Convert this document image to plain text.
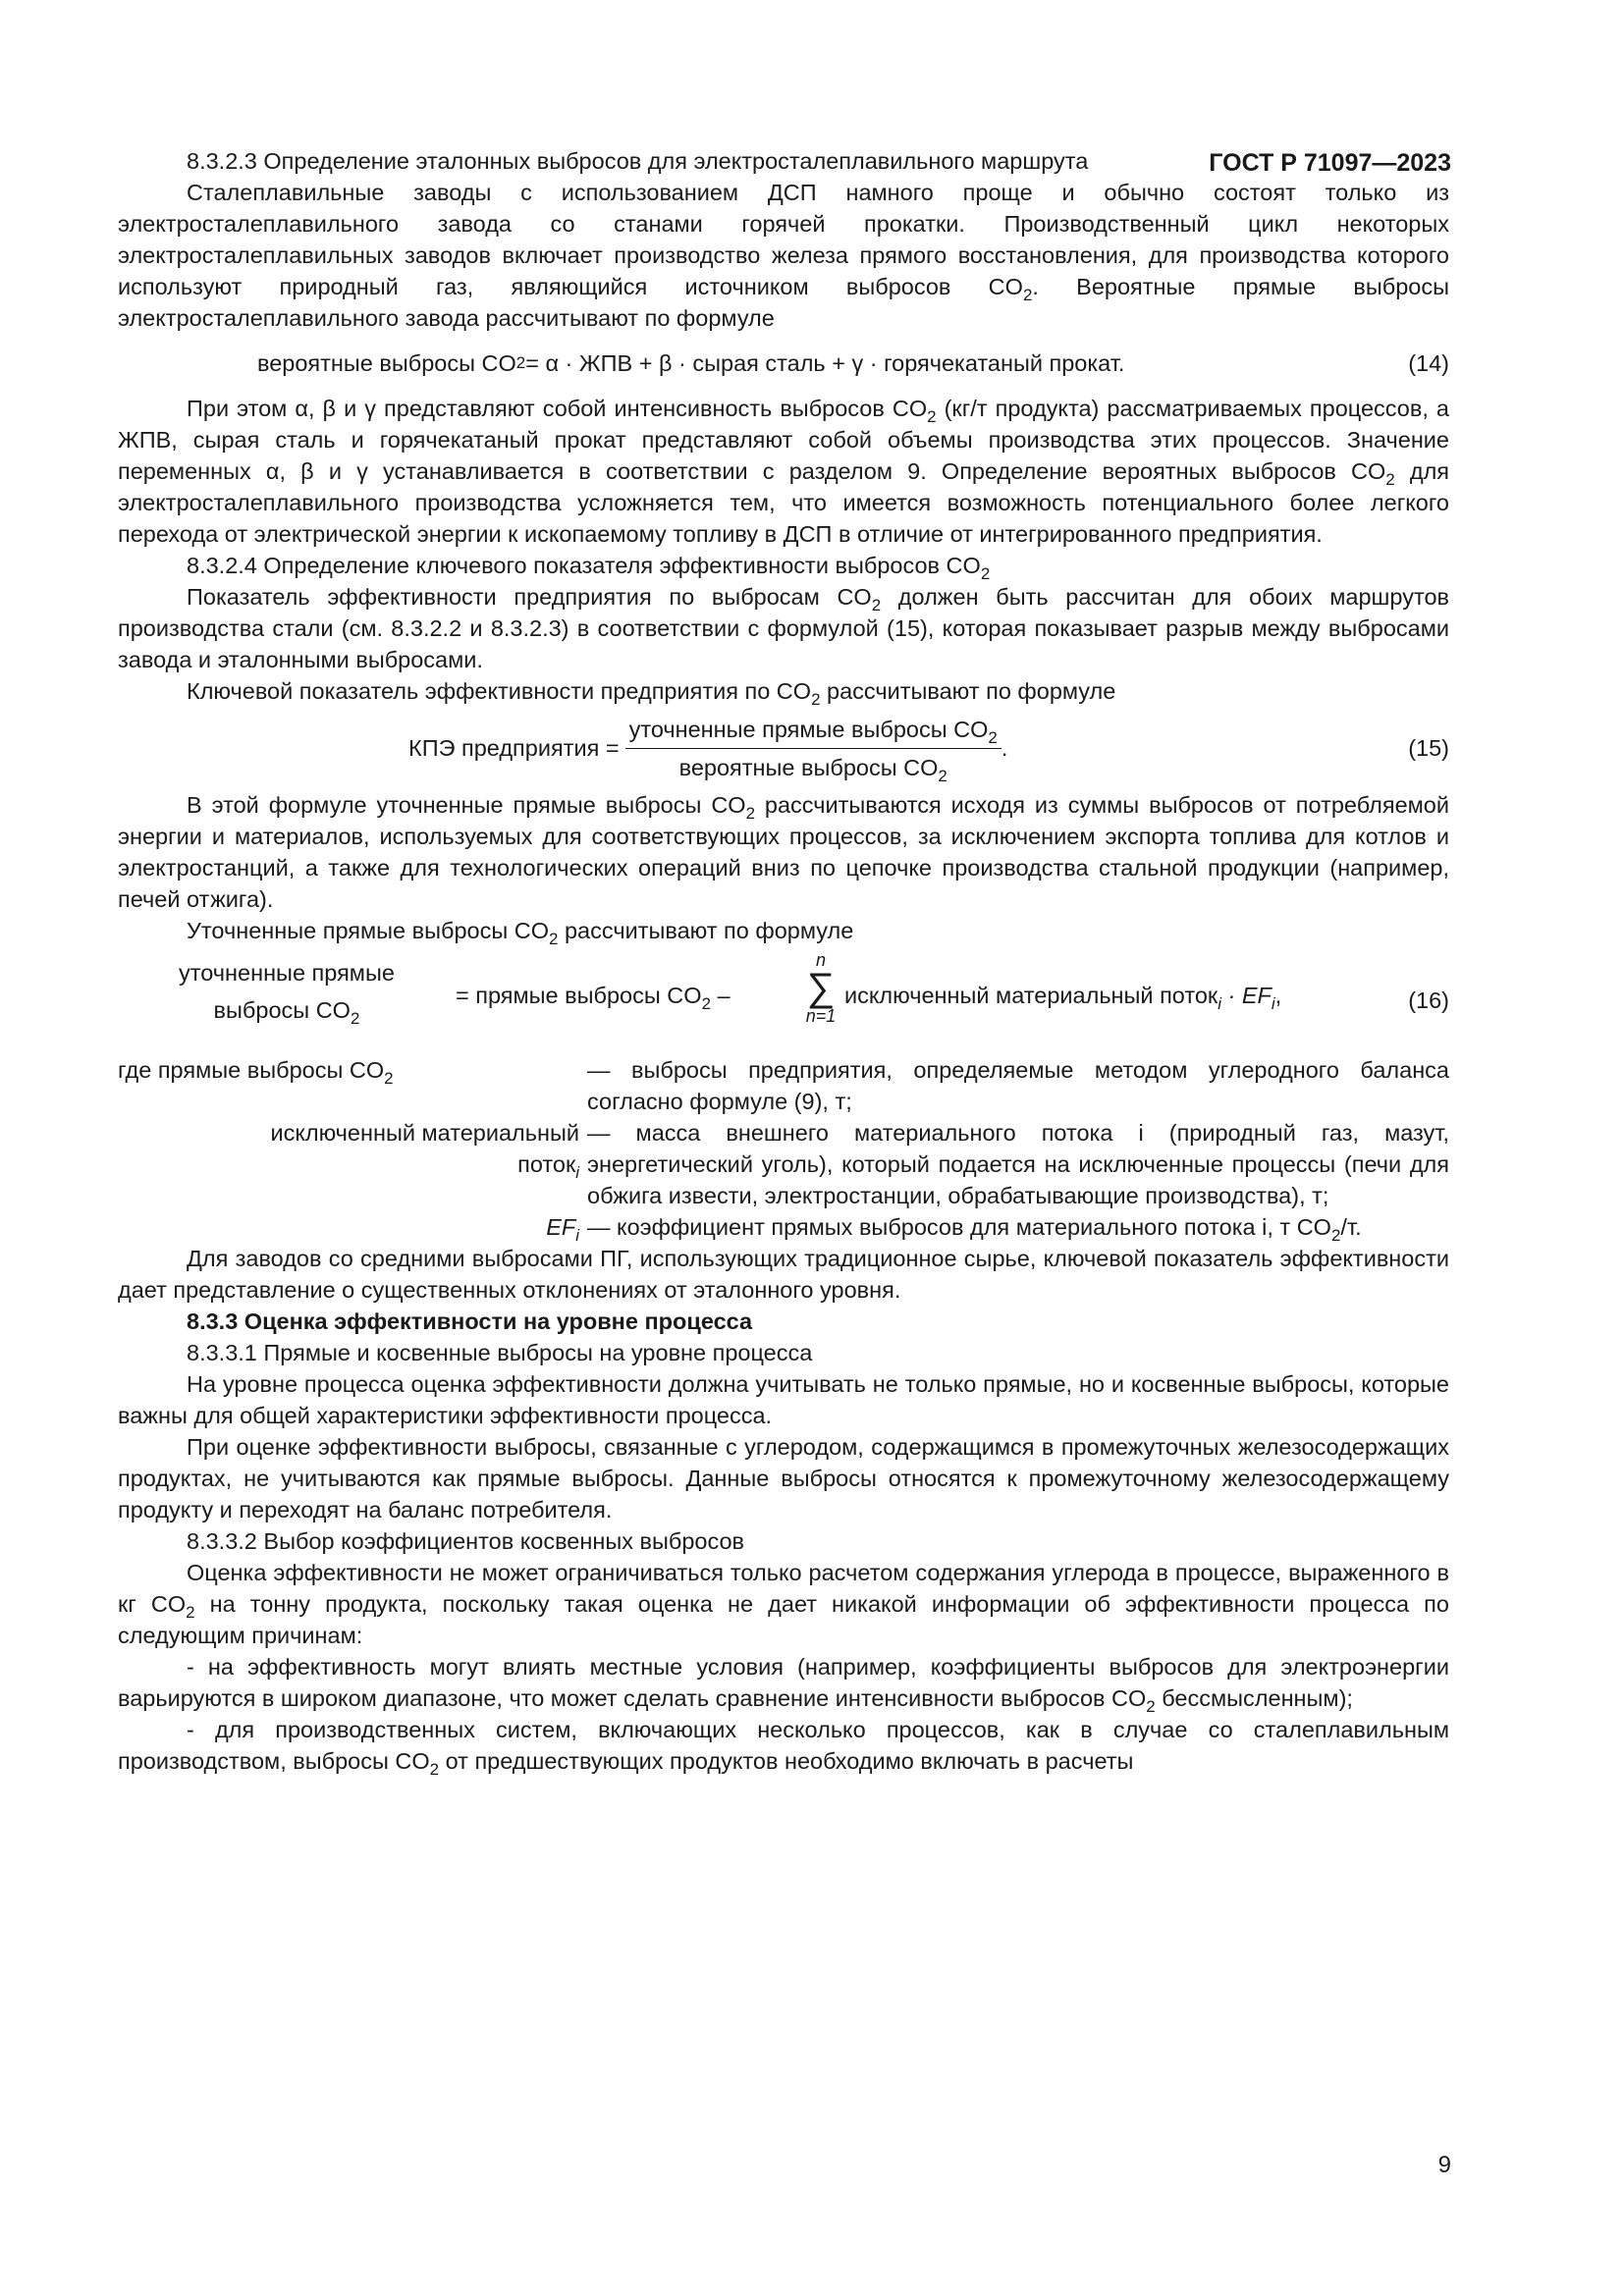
ГОСТ Р 71097—2023

8.3.2.3 Определение эталонных выбросов для электросталеплавильного маршрута

Сталеплавильные заводы с использованием ДСП намного проще и обычно состоят только из электросталеплавильного завода со станами горячей прокатки. Производственный цикл некоторых электросталеплавильных заводов включает производство железа прямого восстановления, для производства которого используют природный газ, являющийся источником выбросов $CO_2$. Вероятные прямые выбросы электросталеплавильного завода рассчитывают по формуле

вероятные выбросы CO 2 = α · ЖПВ + β · сырая сталь + γ · горячекатаный прокат.	(14)

При этом α, β и γ представляют собой интенсивность выбросов $CO_2$ (кг/т продукта) рассматриваемых процессов, а ЖПВ, сырая сталь и горячекатаный прокат представляют собой объемы производства этих процессов. Значение переменных α, β и γ устанавливается в соответствии с разделом 9. Определение вероятных выбросов $CO_2$ для электросталеплавильного производства усложняется тем, что имеется возможность потенциального более легкого перехода от электрической энергии к ископаемому топливу в ДСП в отличие от интегрированного предприятия.

8.3.2.4 Определение ключевого показателя эффективности выбросов $CO_2$

Показатель эффективности предприятия по выбросам $CO_2$ должен быть рассчитан для обоих маршрутов производства стали (см. 8.3.2.2 и 8.3.2.3) в соответствии с формулой (15), которая показывает разрыв между выбросами завода и эталонными выбросами.

Ключевой показатель эффективности предприятия по $CO_2$ рассчитывают по формуле

КПЭ предприятия = $\frac{уточненные прямые выбросы CO_2}{вероятные выбросы CO_2}$ .	(15)

В этой формуле уточненные прямые выбросы $CO_2$ рассчитываются исходя из суммы выбросов от потребляемой энергии и материалов, используемых для соответствующих процессов, за исключением экспорта топлива для котлов и электростанций, а также для технологических операций вниз по цепочке производства стальной продукции (например, печей отжига).

Уточненные прямые выбросы $CO_2$ рассчитывают по формуле

уточненные прямые
выбросы $CO_2$
= прямые выбросы $CO_2$ –
n
∑
n=1
исключенный материальный поток$_i$ · $EF_i$,	(16)
где прямые выбросы $CO_2$	— выбросы предприятия, определяемые методом углеродного баланса согласно формуле (9), т;
исключенный материальный
поток$_i$
— масса внешнего материального потока i (природный газ, мазут, энергетический уголь), который подается на исключенные процессы (печи для обжига извести, электростанции, обрабатывающие производства), т;
$EF_i$ — коэффициент прямых выбросов для материального потока i, т $CO_2/т$.

Для заводов со средними выбросами ПГ, использующих традиционное сырье, ключевой показатель эффективности дает представление о существенных отклонениях от эталонного уровня.

8.3.3 Оценка эффективности на уровне процесса

8.3.3.1 Прямые и косвенные выбросы на уровне процесса

На уровне процесса оценка эффективности должна учитывать не только прямые, но и косвенные выбросы, которые важны для общей характеристики эффективности процесса.

При оценке эффективности выбросы, связанные с углеродом, содержащимся в промежуточных железосодержащих продуктах, не учитываются как прямые выбросы. Данные выбросы относятся к промежуточному железосодержащему продукту и переходят на баланс потребителя.

8.3.3.2 Выбор коэффициентов косвенных выбросов

Оценка эффективности не может ограничиваться только расчетом содержания углерода в процессе, выраженного в кг $CO_2$ на тонну продукта, поскольку такая оценка не дает никакой информации об эффективности процесса по следующим причинам:

- на эффективность могут влиять местные условия (например, коэффициенты выбросов для электроэнергии варьируются в широком диапазоне, что может сделать сравнение интенсивности выбросов $CO_2$ бессмысленным);

- для производственных систем, включающих несколько процессов, как в случае со сталеплавильным производством, выбросы $CO_2$ от предшествующих продуктов необходимо включать в расчеты

9
